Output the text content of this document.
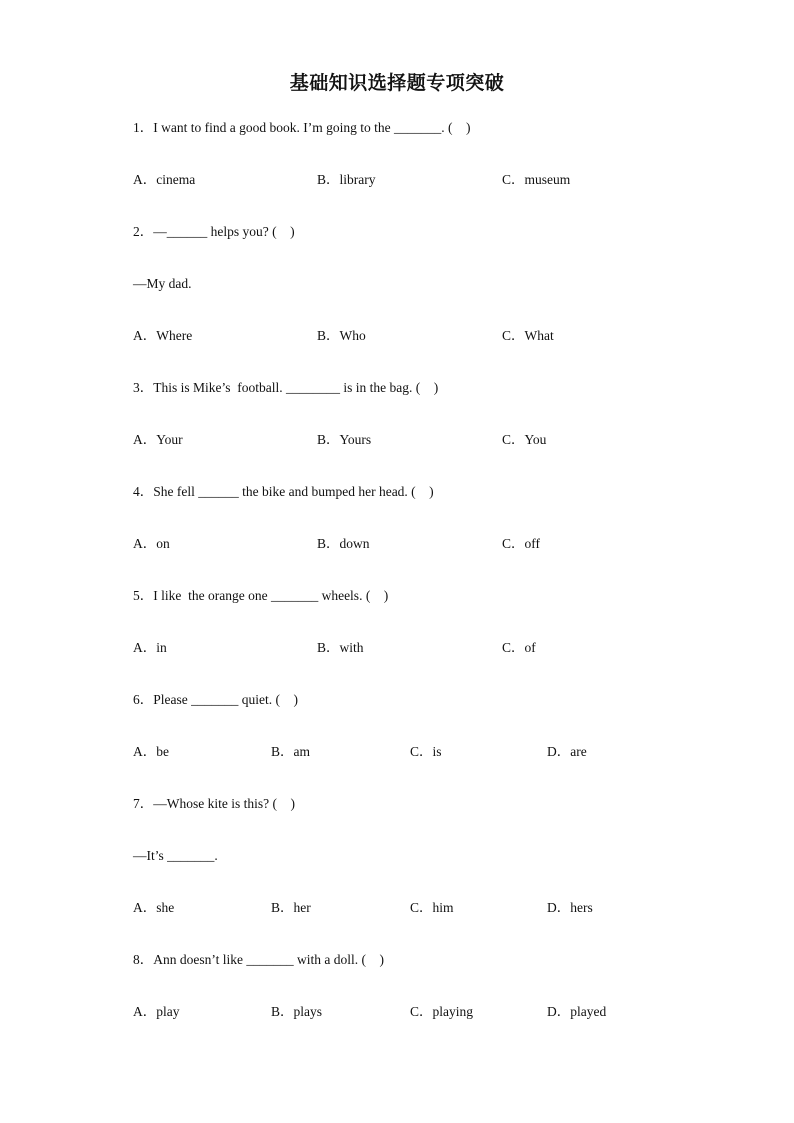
基础知识选择题专项突破
1．I want to find a good book. I’m going to the _______. (    )
A．cinema	B．library	C．museum
2．—______ helps you? (    )
—My dad.
A．Where	B．Who	C．What
3．This is Mike’s  football. ________ is in the bag. (    )
A．Your	B．Yours	C．You
4．She fell ______ the bike and bumped her head. (    )
A．on	B．down	C．off
5．I like  the orange one _______ wheels. (    )
A．in	B．with	C．of
6．Please _______ quiet. (    )
A．be	B．am	C．is	D．are
7．—Whose kite is this? (    )
—It’s _______.
A．she	B．her	C．him	D．hers
8．Ann doesn’t like _______ with a doll. (    )
A．play	B．plays	C．playing	D．played
